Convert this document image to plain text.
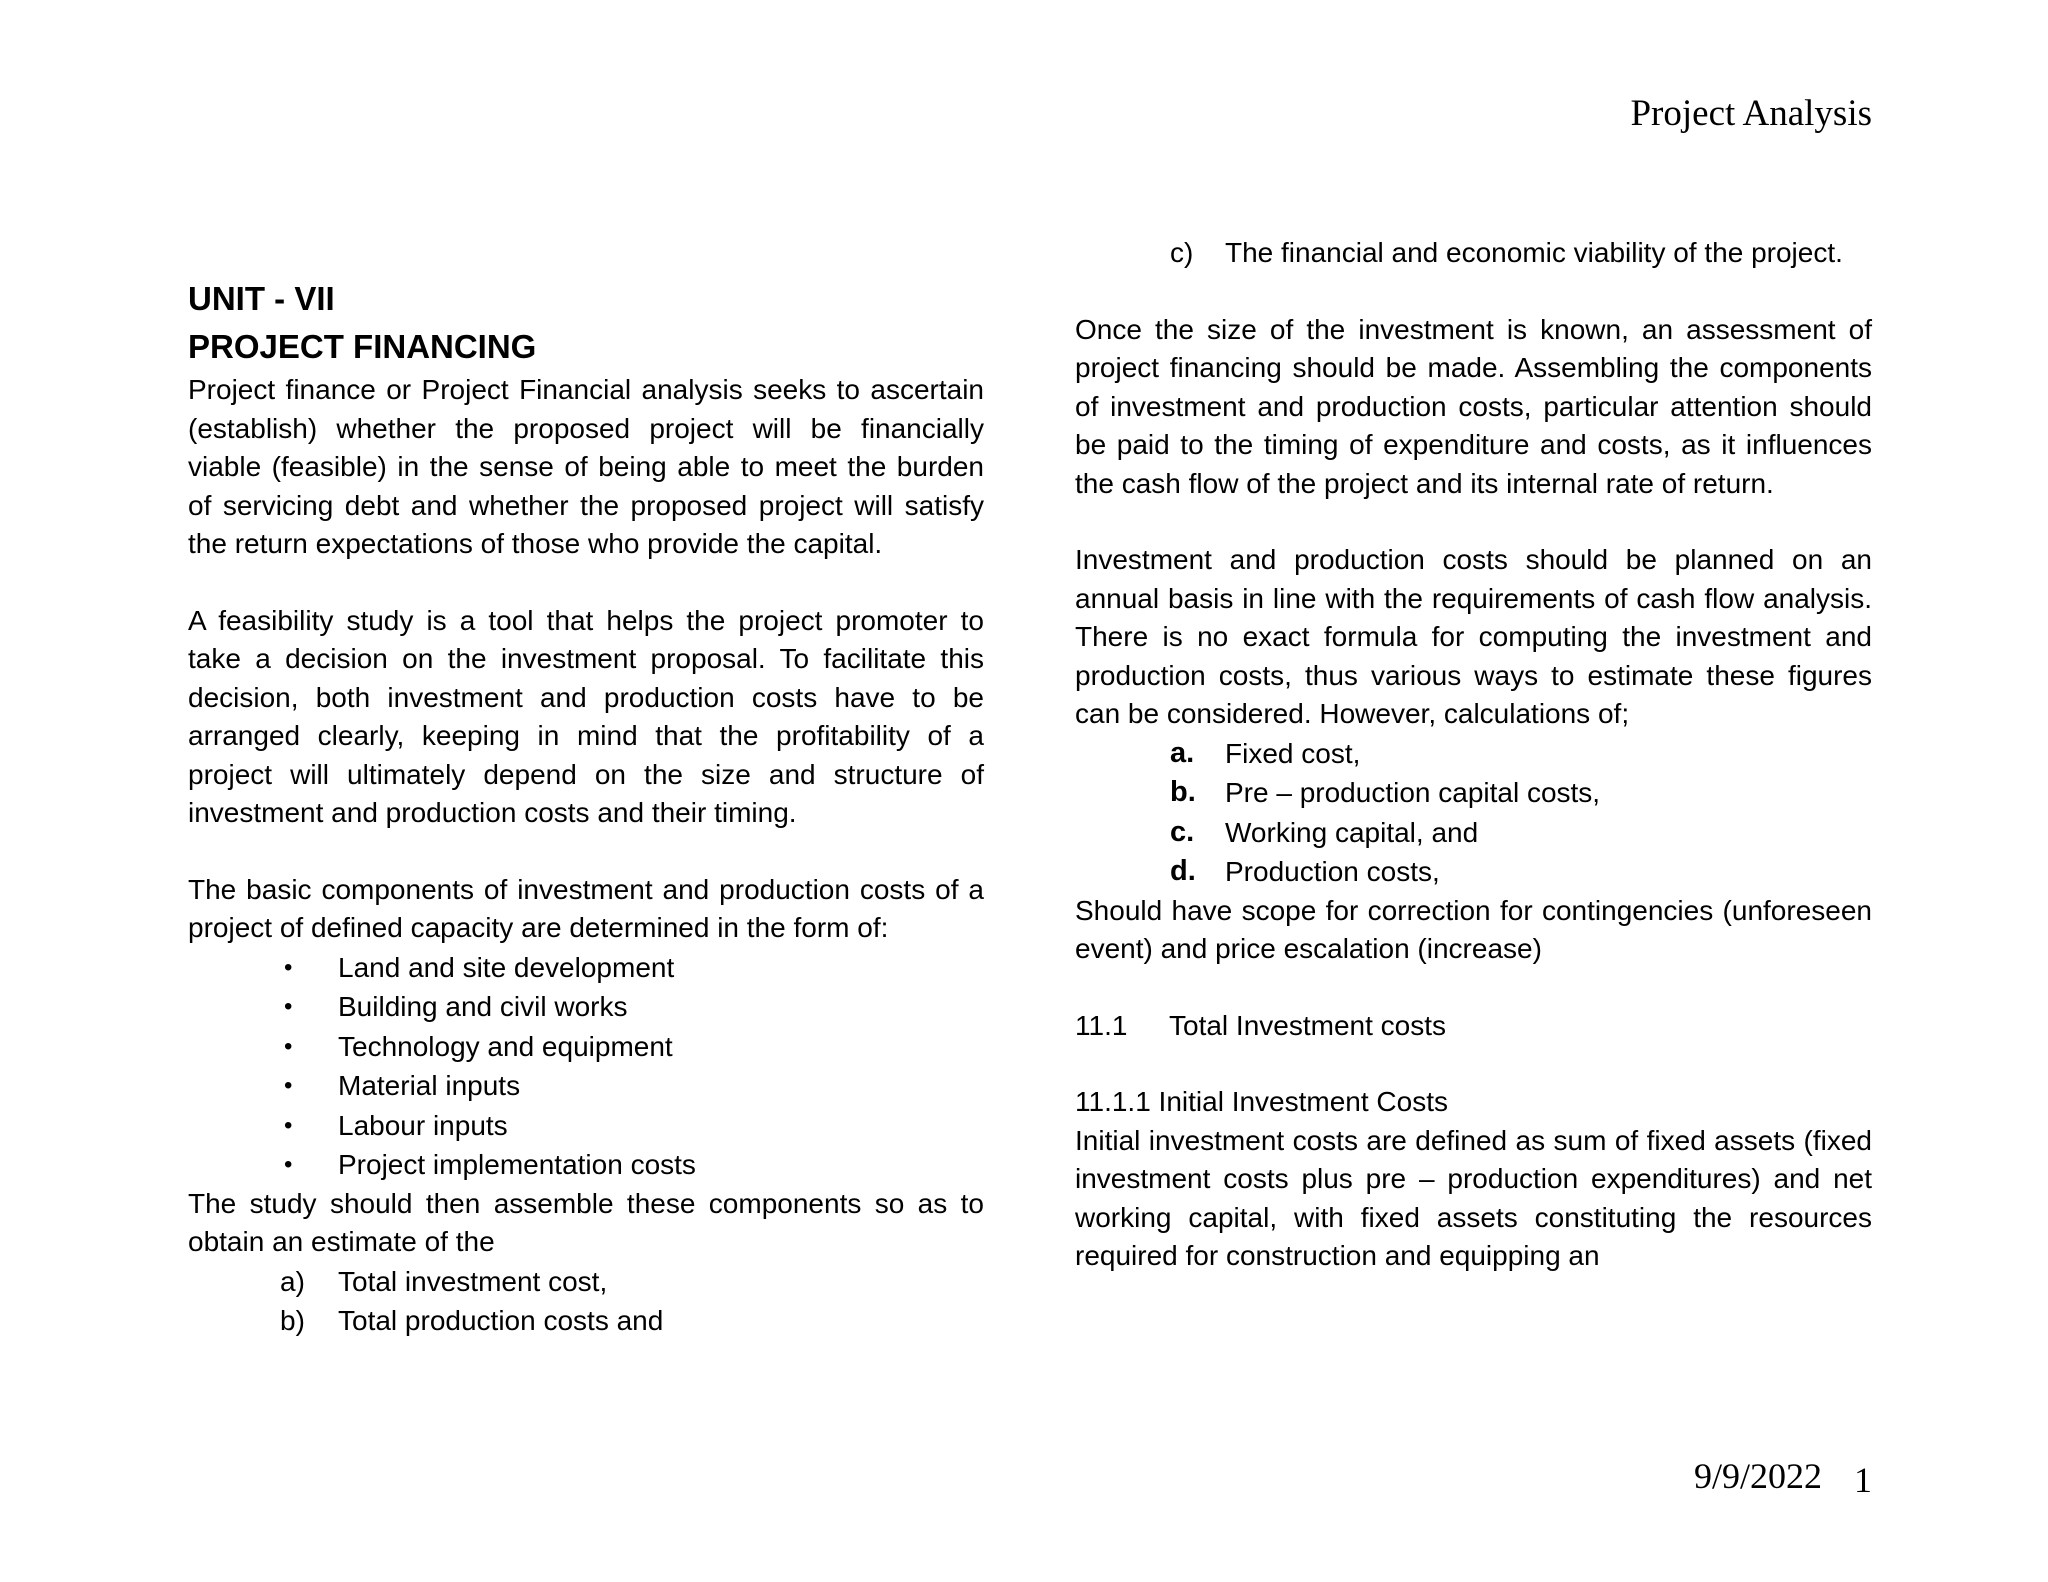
Project Analysis

UNIT - VII

PROJECT FINANCING

Project finance or Project Financial analysis seeks to ascertain (establish) whether the proposed project will be financially viable (feasible) in the sense of being able to meet the burden of servicing debt and whether the proposed project will satisfy the return expectations of those who provide the capital.

A feasibility study is a tool that helps the project promoter to take a decision on the investment proposal. To facilitate this decision, both investment and production costs have to be arranged clearly, keeping in mind that the profitability of a project will ultimately depend on the size and structure of investment and production costs and their timing.

The basic components of investment and production costs of a project of defined capacity are determined in the form of:

•	Land and site development
•	Building and civil works
•	Technology and equipment
•	Material inputs
•	Labour inputs
•	Project implementation costs

The study should then assemble these components so as to obtain an estimate of the

a)	Total investment cost,
b)	Total production costs and
c) The financial and economic viability of the project.

Once the size of the investment is known, an assessment of project financing should be made. Assembling the components of investment and production costs, particular attention should be paid to the timing of expenditure and costs, as it influences the cash flow of the project and its internal rate of return.

Investment and production costs should be planned on an annual basis in line with the requirements of cash flow analysis. There is no exact formula for computing the investment and production costs, thus various ways to estimate these figures can be considered. However, calculations of;

a.	Fixed cost,
b.	Pre – production capital costs,
c.	Working capital, and
d.	Production costs,

Should have scope for correction for contingencies (unforeseen event) and price escalation (increase)

11.1 Total Investment costs

11.1.1 Initial Investment Costs

Initial investment costs are defined as sum of fixed assets (fixed investment costs plus pre – production expenditures) and net working capital, with fixed assets constituting the resources required for construction and equipping an

9/9/2022 1
